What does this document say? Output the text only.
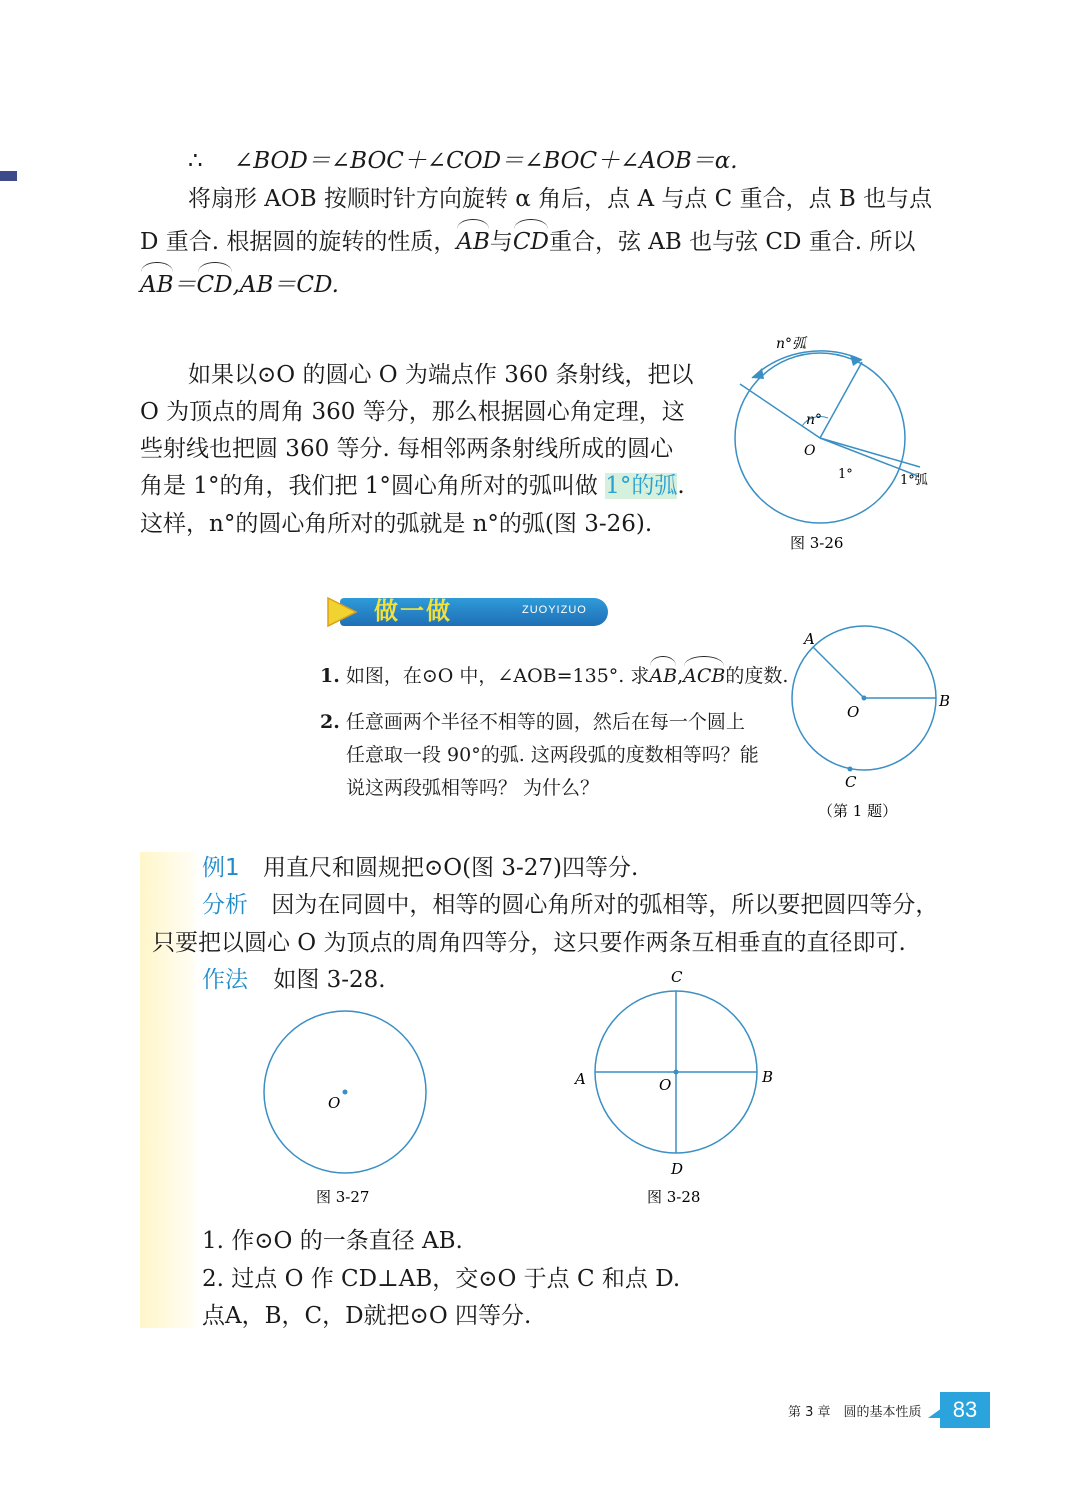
∴ ∠BOD＝∠BOC＋∠COD＝∠BOC＋∠AOB＝α.
将扇形 AOB 按顺时针方向旋转 α 角后，点 A 与点 C 重合，点 B 也与点
D 重合. 根据圆的旋转的性质，AB与CD重合，弦 AB 也与弦 CD 重合. 所以
AB＝CD,AB＝CD.
如果以⊙O 的圆心 O 为端点作 360 条射线，把以
O 为顶点的周角 360 等分，那么根据圆心角定理，这
些射线也把圆 360 等分. 每相邻两条射线所成的圆心
角是 1°的角，我们把 1°圆心角所对的弧叫做 1°的弧.
这样，n°的圆心角所对的弧就是 n°的弧(图 3-26).
n°弧
n°
O
1°	1°弧
图 3-26
做一做	ZUOYIZUO
1. 如图，在⊙O 中，∠AOB=135°. 求AB,ACB的度数.
2. 任意画两个半径不相等的圆，然后在每一个圆上
任意取一段 90°的弧. 这两段弧的度数相等吗？能
说这两段弧相等吗？ 为什么？
A
B
C
O
（第 1 题）
例1 用直尺和圆规把⊙O(图 3-27)四等分.
分析 因为在同圆中，相等的圆心角所对的弧相等，所以要把圆四等分，
只要把以圆心 O 为顶点的周角四等分，这只要作两条互相垂直的直径即可.
作法 如图 3-28.
O
图 3-27
C
A	B
O
D
图 3-28
1. 作⊙O 的一条直径 AB.
2. 过点 O 作 CD⊥AB，交⊙O 于点 C 和点 D.
点A，B，C，D就把⊙O 四等分.
第 3 章　圆的基本性质	83
